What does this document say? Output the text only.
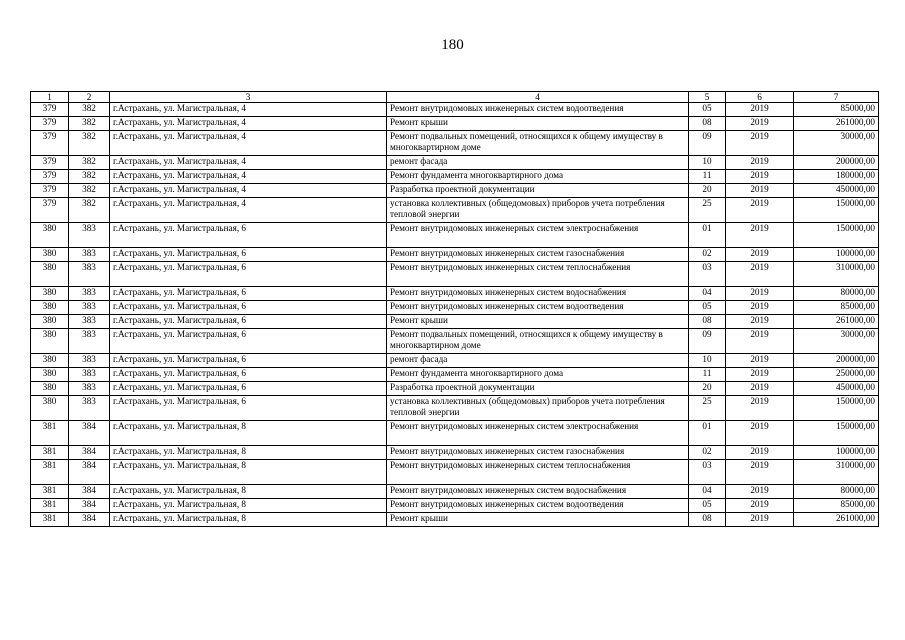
180
1	2	3	4	5	6	7
379	382	г.Астрахань, ул. Магистральная, 4	Ремонт внутридомовых инженерных систем водоотведения	05	2019	85000,00
379	382	г.Астрахань, ул. Магистральная, 4	Ремонт крыши	08	2019	261000,00
379	382	г.Астрахань, ул. Магистральная, 4	Ремонт подвальных помещений, относящихся к общему имуществу в многоквартирном доме	09	2019	30000,00
379	382	г.Астрахань, ул. Магистральная, 4	ремонт фасада	10	2019	200000,00
379	382	г.Астрахань, ул. Магистральная, 4	Ремонт фундамента многоквартирного дома	11	2019	180000,00
379	382	г.Астрахань, ул. Магистральная, 4	Разработка проектной документации	20	2019	450000,00
379	382	г.Астрахань, ул. Магистральная, 4	установка коллективных (общедомовых) приборов учета потребления тепловой энергии	25	2019	150000,00
380	383	г.Астрахань, ул. Магистральная, 6	Ремонт внутридомовых инженерных систем электроснабжения	01	2019	150000,00
380	383	г.Астрахань, ул. Магистральная, 6	Ремонт внутридомовых инженерных систем газоснабжения	02	2019	100000,00
380	383	г.Астрахань, ул. Магистральная, 6	Ремонт внутридомовых инженерных систем теплоснабжения	03	2019	310000,00
380	383	г.Астрахань, ул. Магистральная, 6	Ремонт внутридомовых инженерных систем водоснабжения	04	2019	80000,00
380	383	г.Астрахань, ул. Магистральная, 6	Ремонт внутридомовых инженерных систем водоотведения	05	2019	85000,00
380	383	г.Астрахань, ул. Магистральная, 6	Ремонт крыши	08	2019	261000,00
380	383	г.Астрахань, ул. Магистральная, 6	Ремонт подвальных помещений, относящихся к общему имуществу в многоквартирном доме	09	2019	30000,00
380	383	г.Астрахань, ул. Магистральная, 6	ремонт фасада	10	2019	200000,00
380	383	г.Астрахань, ул. Магистральная, 6	Ремонт фундамента многоквартирного дома	11	2019	250000,00
380	383	г.Астрахань, ул. Магистральная, 6	Разработка проектной документации	20	2019	450000,00
380	383	г.Астрахань, ул. Магистральная, 6	установка коллективных (общедомовых) приборов учета потребления тепловой энергии	25	2019	150000,00
381	384	г.Астрахань, ул. Магистральная, 8	Ремонт внутридомовых инженерных систем электроснабжения	01	2019	150000,00
381	384	г.Астрахань, ул. Магистральная, 8	Ремонт внутридомовых инженерных систем газоснабжения	02	2019	100000,00
381	384	г.Астрахань, ул. Магистральная, 8	Ремонт внутридомовых инженерных систем теплоснабжения	03	2019	310000,00
381	384	г.Астрахань, ул. Магистральная, 8	Ремонт внутридомовых инженерных систем водоснабжения	04	2019	80000,00
381	384	г.Астрахань, ул. Магистральная, 8	Ремонт внутридомовых инженерных систем водоотведения	05	2019	85000,00
381	384	г.Астрахань, ул. Магистральная, 8	Ремонт крыши	08	2019	261000,00
